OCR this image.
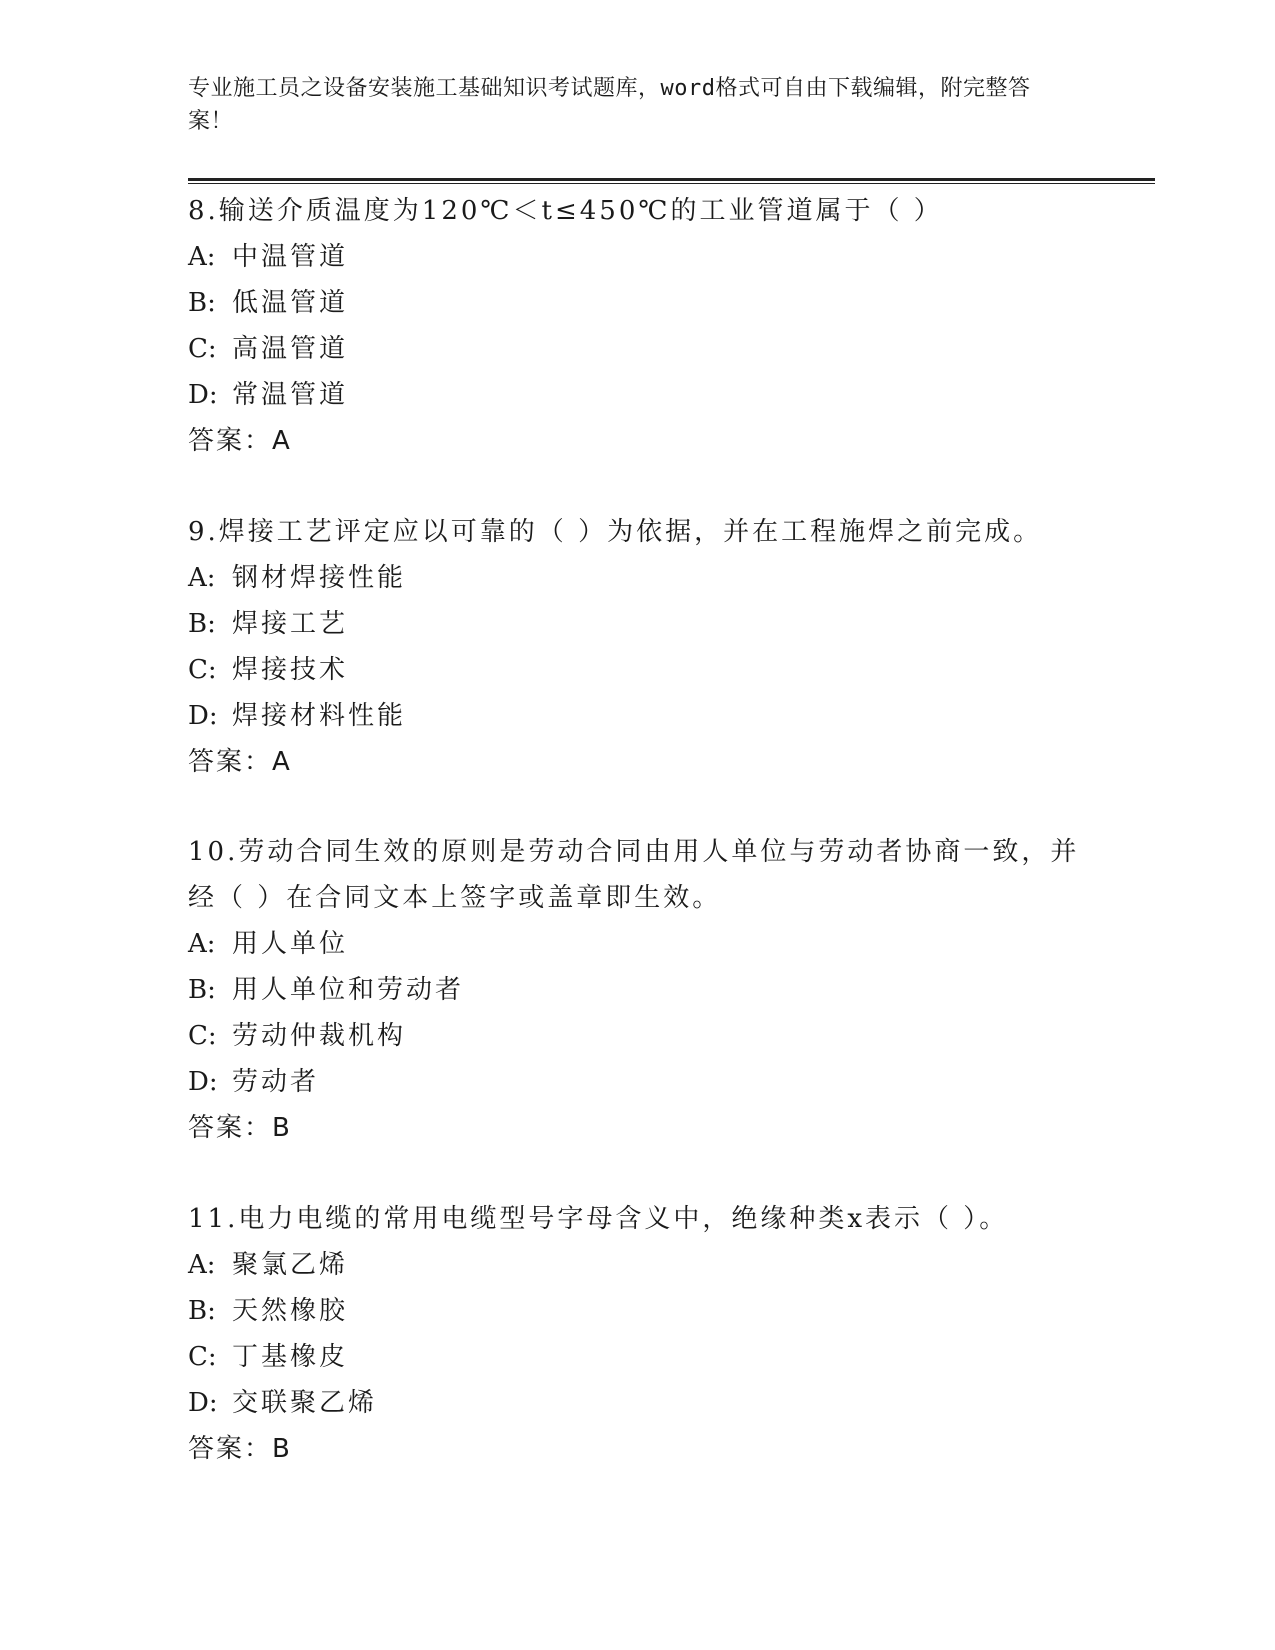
专业施工员之设备安装施工基础知识考试题库，word格式可自由下载编辑，附完整答案！

8.输送介质温度为120℃＜t≤450℃的工业管道属于（ ）

A: 中温管道
B: 低温管道
C: 高温管道
D: 常温管道
答案：A

9.焊接工艺评定应以可靠的（ ）为依据，并在工程施焊之前完成。

A: 钢材焊接性能
B: 焊接工艺
C: 焊接技术
D: 焊接材料性能
答案：A

10.劳动合同生效的原则是劳动合同由用人单位与劳动者协商一致，并经（ ）在合同文本上签字或盖章即生效。

A: 用人单位
B: 用人单位和劳动者
C: 劳动仲裁机构
D: 劳动者
答案：B

11.电力电缆的常用电缆型号字母含义中，绝缘种类x表示（ ）。

A: 聚氯乙烯
B: 天然橡胶
C: 丁基橡皮
D: 交联聚乙烯
答案：B
